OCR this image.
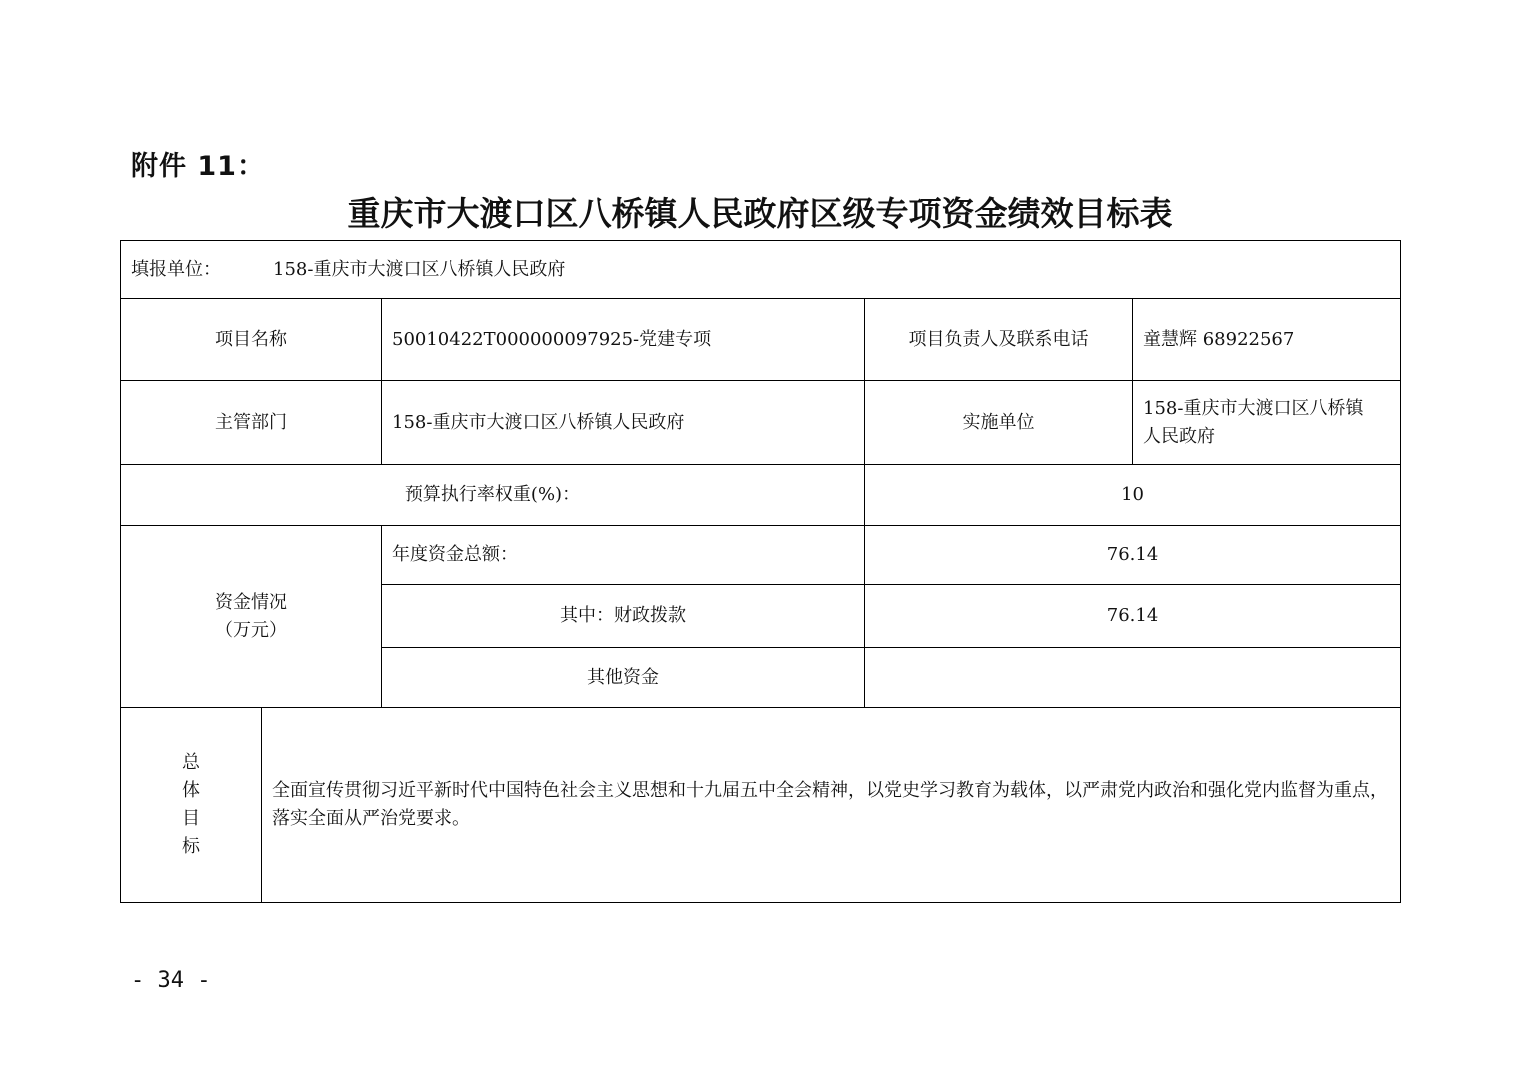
附件 11：
重庆市大渡口区八桥镇人民政府区级专项资金绩效目标表
填报单位： 158-重庆市大渡口区八桥镇人民政府				
项目名称		50010422T000000097925-党建专项	项目负责人及联系电话	童慧辉 68922567
主管部门		158-重庆市大渡口区八桥镇人民政府	实施单位	158-重庆市大渡口区八桥镇
人民政府

预算执行率权重(%)：			10	

资金情况
（万元）		年度资金总额：	76.14	
		其中：财政拨款	76.14	
		其他资金		

总
体
目
标	全面宣传贯彻习近平新时代中国特色社会主义思想和十九届五中全会精神，以党史学习教育为载体，以严肃党内政治和强化党内监督为重点，落实全面从严治党要求。			
- 34 -
